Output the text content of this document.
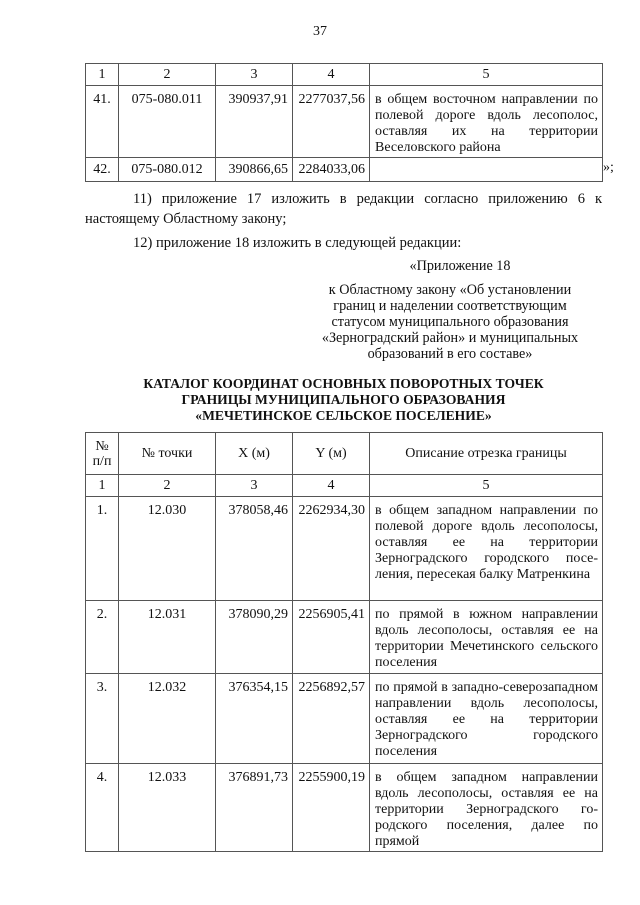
37
1	2	3	4	5
41.	075-080.011	390937,91	2277037,56	в общем восточном направлении по полевой дороге вдоль лесополос, оставляя их на территории Веселовского района
42.	075-080.012	390866,65	2284033,06		»;
11) приложение 17 изложить в редакции согласно приложению 6 к настоящему Областному закону;
12) приложение 18 изложить в следующей редакции:
«Приложение 18
к Областному закону «Об установлении
границ и наделении соответствующим
статусом муниципального образования
«Зерноградский район» и муниципальных
образований в его составе»
КАТАЛОГ КООРДИНАТ ОСНОВНЫХ ПОВОРОТНЫХ ТОЧЕК
ГРАНИЦЫ МУНИЦИПАЛЬНОГО ОБРАЗОВАНИЯ
«МЕЧЕТИНСКОЕ СЕЛЬСКОЕ ПОСЕЛЕНИЕ»
№
п/п	№ точки	X (м)	Y (м)	Описание отрезка границы
1	2	3	4	5
1.	12.030	378058,46	2262934,30	в общем западном направлении по полевой дороге вдоль лесополосы, оставляя ее на территории Зерноградского городского поселения, пересекая балку Матренкина
2.	12.031	378090,29	2256905,41	по прямой в южном направлении вдоль лесополосы, оставляя ее на территории Мечетинского сельского поселения
3.	12.032	376354,15	2256892,57	по прямой в западно-северозападном направлении вдоль лесополосы, оставляя ее на территории Зерноградского городского поселения
4.	12.033	376891,73	2255900,19	в общем западном направлении вдоль лесополосы, оставляя ее на территории Зерноградского городского поселения, далее по прямой
